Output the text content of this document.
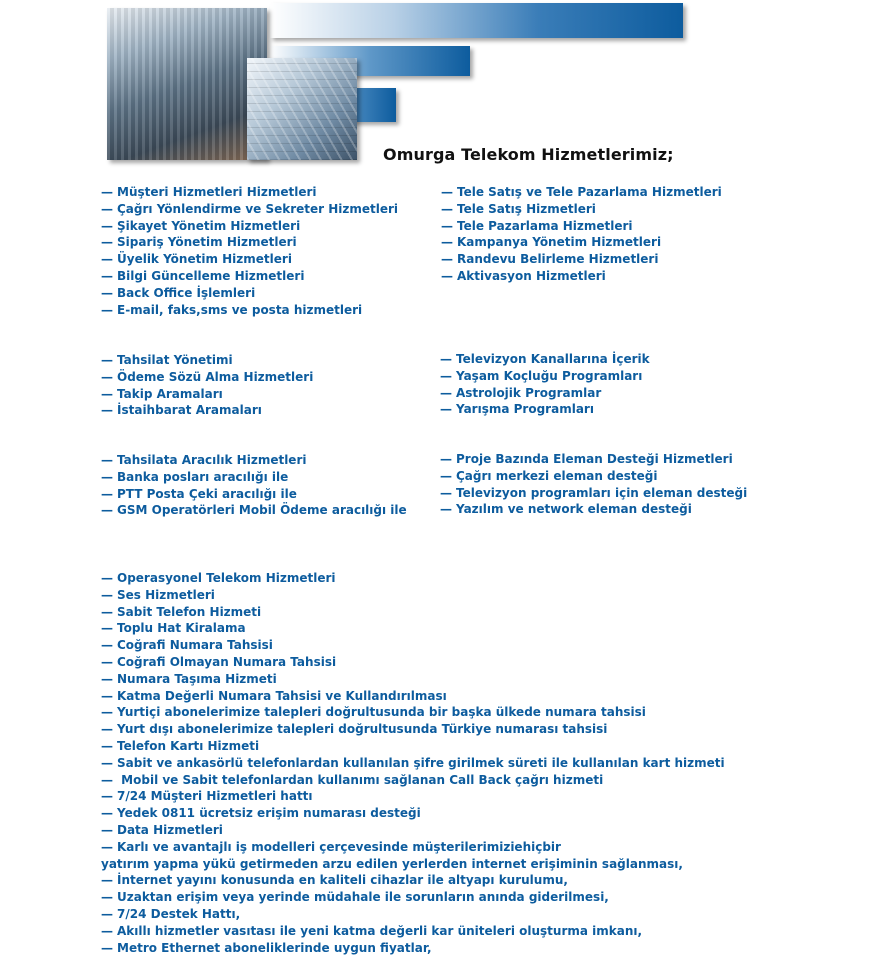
Omurga Telekom Hizmetlerimiz;
— Müşteri Hizmetleri Hizmetleri
— Çağrı Yönlendirme ve Sekreter Hizmetleri
— Şikayet Yönetim Hizmetleri
— Sipariş Yönetim Hizmetleri
— Üyelik Yönetim Hizmetleri
— Bilgi Güncelleme Hizmetleri
— Back Office İşlemleri
— E-mail, faks,sms ve posta hizmetleri
— Tele Satış ve Tele Pazarlama Hizmetleri
— Tele Satış Hizmetleri
— Tele Pazarlama Hizmetleri
— Kampanya Yönetim Hizmetleri
— Randevu Belirleme Hizmetleri
— Aktivasyon Hizmetleri
— Tahsilat Yönetimi
— Ödeme Sözü Alma Hizmetleri
— Takip Aramaları
— İstaihbarat Aramaları
— Televizyon Kanallarına İçerik
— Yaşam Koçluğu Programları
— Astrolojik Programlar
— Yarışma Programları
— Tahsilata Aracılık Hizmetleri
— Banka posları aracılığı ile
— PTT Posta Çeki aracılığı ile
— GSM Operatörleri Mobil Ödeme aracılığı ile
— Proje Bazında Eleman Desteği Hizmetleri
— Çağrı merkezi eleman desteği
— Televizyon programları için eleman desteği
— Yazılım ve network eleman desteği
— Operasyonel Telekom Hizmetleri
— Ses Hizmetleri
— Sabit Telefon Hizmeti
— Toplu Hat Kiralama
— Coğrafi Numara Tahsisi
— Coğrafi Olmayan Numara Tahsisi
— Numara Taşıma Hizmeti
— Katma Değerli Numara Tahsisi ve Kullandırılması
— Yurtiçi abonelerimize talepleri doğrultusunda bir başka ülkede numara tahsisi
— Yurt dışı abonelerimize talepleri doğrultusunda Türkiye numarası tahsisi
— Telefon Kartı Hizmeti
— Sabit ve ankasörlü telefonlardan kullanılan şifre girilmek süreti ile kullanılan kart hizmeti
— Mobil ve Sabit telefonlardan kullanımı sağlanan Call Back çağrı hizmeti
— 7/24 Müşteri Hizmetleri hattı
— Yedek 0811 ücretsiz erişim numarası desteği
— Data Hizmetleri
— Karlı ve avantajlı iş modelleri çerçevesinde müşterilerimiziehiçbir
yatırım yapma yükü getirmeden arzu edilen yerlerden internet erişiminin sağlanması,
— İnternet yayını konusunda en kaliteli cihazlar ile altyapı kurulumu,
— Uzaktan erişim veya yerinde müdahale ile sorunların anında giderilmesi,
— 7/24 Destek Hattı,
— Akıllı hizmetler vasıtası ile yeni katma değerli kar üniteleri oluşturma imkanı,
— Metro Ethernet aboneliklerinde uygun fiyatlar,
